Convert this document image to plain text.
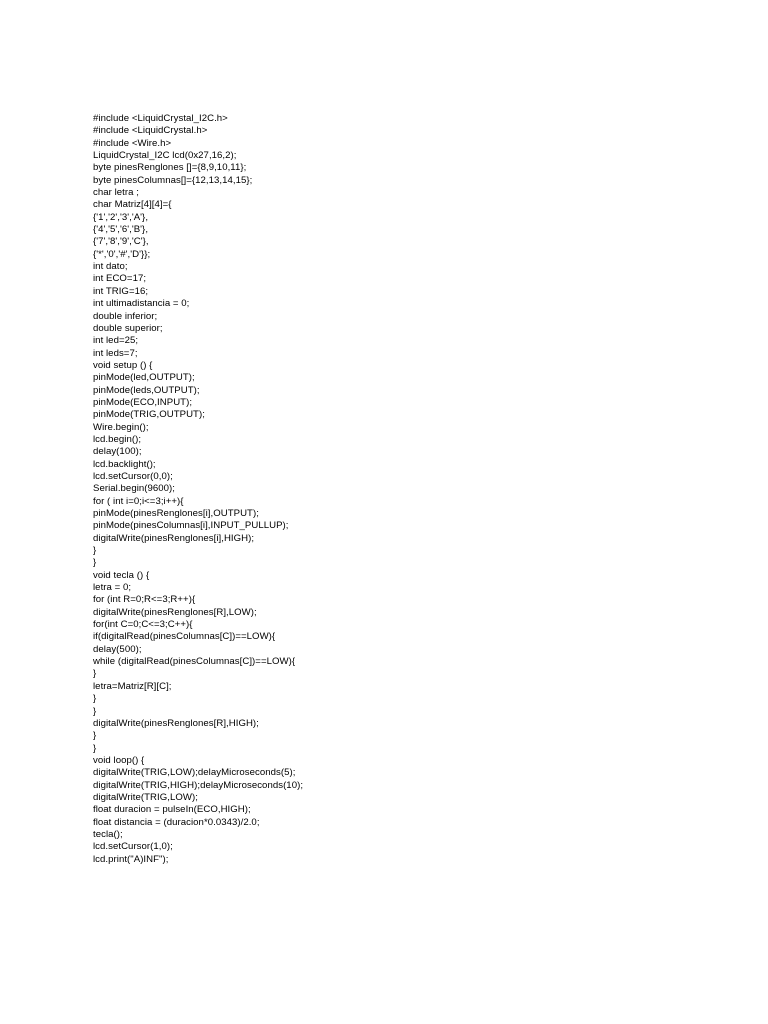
#include <LiquidCrystal_I2C.h>
#include <LiquidCrystal.h>
#include <Wire.h>
LiquidCrystal_I2C lcd(0x27,16,2);
byte pinesRenglones []={8,9,10,11};
byte pinesColumnas[]={12,13,14,15};
char letra ;
char Matriz[4][4]={
{'1','2','3','A'},
{'4','5','6','B'},
{'7','8','9','C'},
{'*','0','#','D'}};
int dato;
int ECO=17;
int TRIG=16;
int ultimadistancia = 0;
double inferior;
double superior;
int led=25;
int leds=7;
void setup () {
pinMode(led,OUTPUT);
pinMode(leds,OUTPUT);
pinMode(ECO,INPUT);
pinMode(TRIG,OUTPUT);
Wire.begin();
lcd.begin();
delay(100);
lcd.backlight();
lcd.setCursor(0,0);
Serial.begin(9600);
for ( int i=0;i<=3;i++){
pinMode(pinesRenglones[i],OUTPUT);
pinMode(pinesColumnas[i],INPUT_PULLUP);
digitalWrite(pinesRenglones[i],HIGH);
}
}
void tecla () {
letra = 0;
for (int R=0;R<=3;R++){
digitalWrite(pinesRenglones[R],LOW);
for(int C=0;C<=3;C++){
if(digitalRead(pinesColumnas[C])==LOW){
delay(500);
while (digitalRead(pinesColumnas[C])==LOW){
}
letra=Matriz[R][C];
}
}
digitalWrite(pinesRenglones[R],HIGH);
}
}
void loop() {
digitalWrite(TRIG,LOW);delayMicroseconds(5);
digitalWrite(TRIG,HIGH);delayMicroseconds(10);
digitalWrite(TRIG,LOW);
float duracion = pulseIn(ECO,HIGH);
float distancia = (duracion*0.0343)/2.0;
tecla();
lcd.setCursor(1,0);
lcd.print("A)INF");
